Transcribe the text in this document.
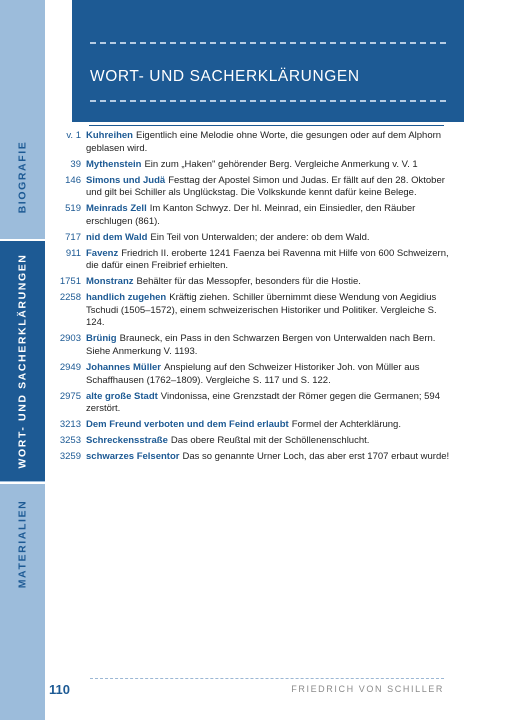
BIOGRAFIE
WORT- UND SACHERKLÄRUNGEN
MATERIALIEN
WORT- UND SACHERKLÄRUNGEN
v. 1 Kuhreihen Eigentlich eine Melodie ohne Worte, die gesungen oder auf dem Alphorn geblasen wird.
39 Mythenstein Ein zum „Haken" gehörender Berg. Vergleiche Anmerkung v. V. 1
146 Simons und Judä Festtag der Apostel Simon und Judas. Er fällt auf den 28. Oktober und gilt bei Schiller als Unglückstag. Die Volkskunde kennt dafür keine Belege.
519 Meinrads Zell Im Kanton Schwyz. Der hl. Meinrad, ein Einsiedler, den Räuber erschlugen (861).
717 nid dem Wald Ein Teil von Unterwalden; der andere: ob dem Wald.
911 Favenz Friedrich II. eroberte 1241 Faenza bei Ravenna mit Hilfe von 600 Schweizern, die dafür einen Freibrief erhielten.
1751 Monstranz Behälter für das Messopfer, besonders für die Hostie.
2258 handlich zugehen Kräftig ziehen. Schiller übernimmt diese Wendung von Aegidius Tschudi (1505–1572), einem schweizerischen Historiker und Politiker. Vergleiche S. 124.
2903 Brünig Brauneck, ein Pass in den Schwarzen Bergen von Unterwalden nach Bern. Siehe Anmerkung V. 1193.
2949 Johannes Müller Anspielung auf den Schweizer Historiker Joh. von Müller aus Schaffhausen (1762–1809). Vergleiche S. 117 und S. 122.
2975 alte große Stadt Vindonissa, eine Grenzstadt der Römer gegen die Germanen; 594 zerstört.
3213 Dem Freund verboten und dem Feind erlaubt Formel der Achterklärung.
3253 Schreckensstraße Das obere Reußtal mit der Schöllenenschlucht.
3259 schwarzes Felsentor Das so genannte Urner Loch, das aber erst 1707 erbaut wurde!
110	FRIEDRICH VON SCHILLER
